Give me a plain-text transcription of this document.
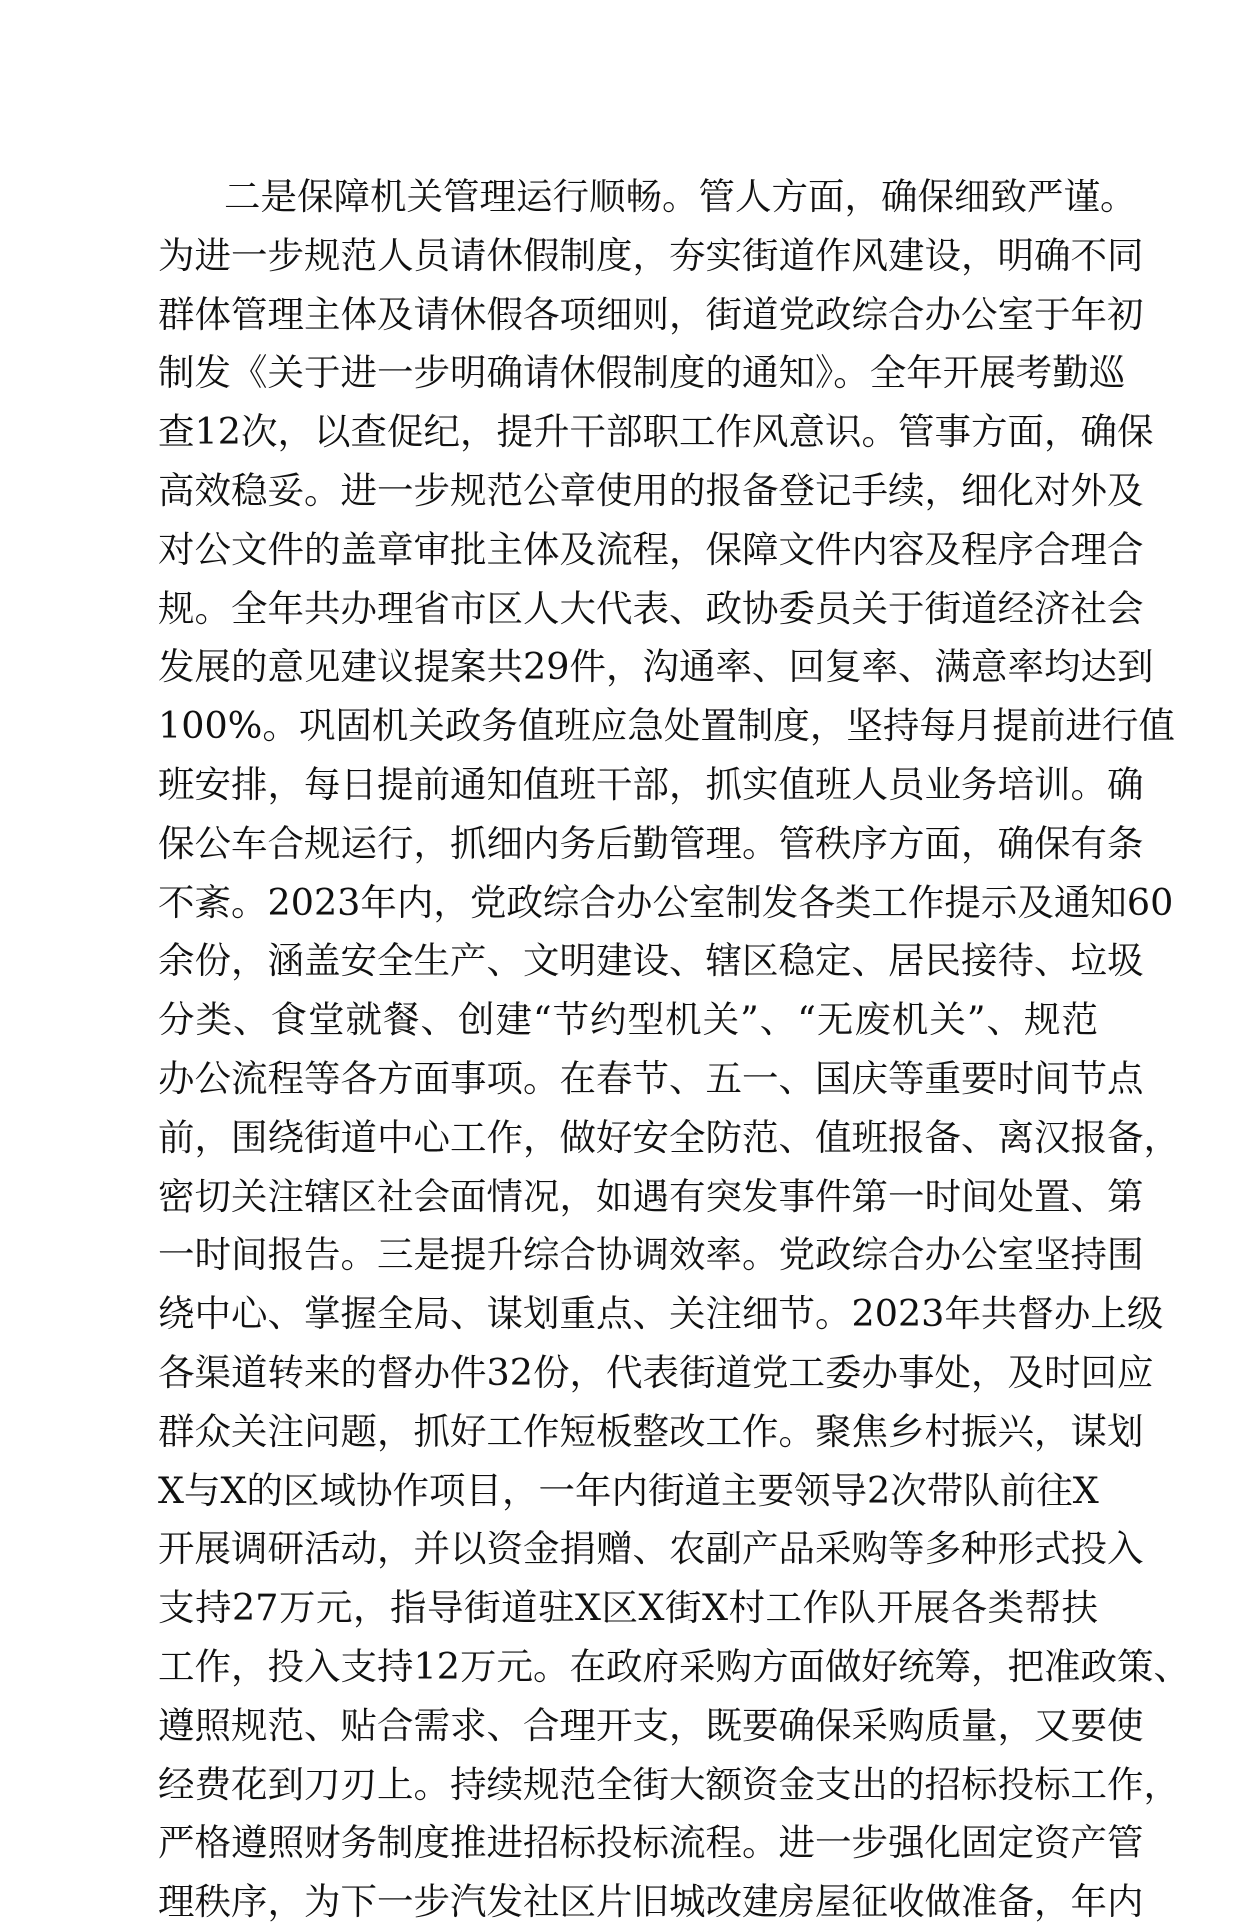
二是保障机关管理运行顺畅。管人方面，确保细致严谨。
为进一步规范人员请休假制度，夯实街道作风建设，明确不同
群体管理主体及请休假各项细则，街道党政综合办公室于年初
制发《关于进一步明确请休假制度的通知》。全年开展考勤巡
查12次，以查促纪，提升干部职工作风意识。管事方面，确保
高效稳妥。进一步规范公章使用的报备登记手续，细化对外及
对公文件的盖章审批主体及流程，保障文件内容及程序合理合
规。全年共办理省市区人大代表、政协委员关于街道经济社会
发展的意见建议提案共29件，沟通率、回复率、满意率均达到
100%。巩固机关政务值班应急处置制度，坚持每月提前进行值
班安排，每日提前通知值班干部，抓实值班人员业务培训。确
保公车合规运行，抓细内务后勤管理。管秩序方面，确保有条
不紊。2023年内，党政综合办公室制发各类工作提示及通知60
余份，涵盖安全生产、文明建设、辖区稳定、居民接待、垃圾
分类、食堂就餐、创建“节约型机关”、“无废机关”、规范
办公流程等各方面事项。在春节、五一、国庆等重要时间节点
前，围绕街道中心工作，做好安全防范、值班报备、离汉报备，
密切关注辖区社会面情况，如遇有突发事件第一时间处置、第
一时间报告。三是提升综合协调效率。党政综合办公室坚持围
绕中心、掌握全局、谋划重点、关注细节。2023年共督办上级
各渠道转来的督办件32份，代表街道党工委办事处，及时回应
群众关注问题，抓好工作短板整改工作。聚焦乡村振兴，谋划
X与X的区域协作项目，一年内街道主要领导2次带队前往X
开展调研活动，并以资金捐赠、农副产品采购等多种形式投入
支持27万元，指导街道驻X区X街X村工作队开展各类帮扶
工作，投入支持12万元。在政府采购方面做好统筹，把准政策、
遵照规范、贴合需求、合理开支，既要确保采购质量，又要使
经费花到刀刃上。持续规范全街大额资金支出的招标投标工作，
严格遵照财务制度推进招标投标流程。进一步强化固定资产管
理秩序，为下一步汽发社区片旧城改建房屋征收做准备，年内
